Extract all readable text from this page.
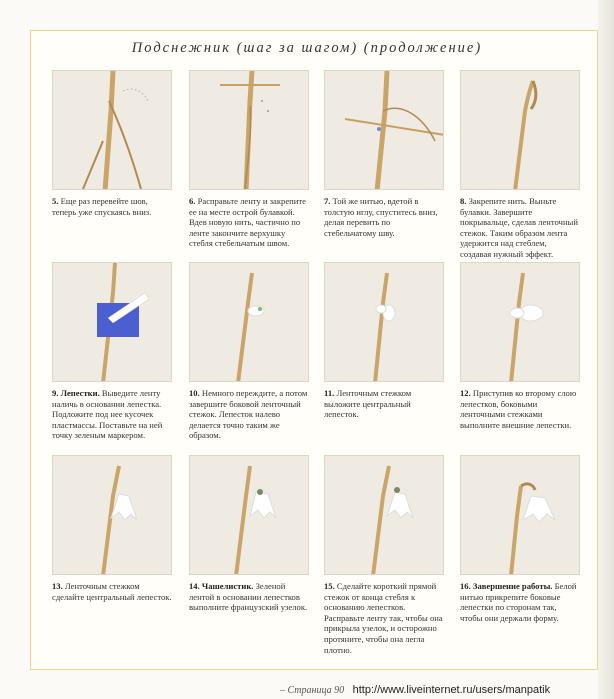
Подснежник (шаг за шагом) (продолжение)
5. Еще раз перевейте шов, теперь уже спускаясь вниз.
6. Расправьте ленту и закрепите ее на месте острой булавкой. Вдев новую нить, частично по ленте закончите верхушку стебля стебельчатым швом.
7. Той же нитью, вдетой в толстую иглу, спуститесь вниз, делая перевить по стебельчатому шву.
8. Закрепите нить. Выньте булавки. Завершите покрывальце, сделав ленточный стежок. Таким образом лента удержится над стеблем, создавая нужный эффект.
9. Лепестки. Выведите ленту наличь в основании лепестка. Подложите под нее кусочек пластмассы. Поставьте на ней точку зеленым маркером.
10. Немного переждите, а потом завершите боковой ленточный стежок. Лепесток налево делается точно таким же образом.
11. Ленточным стежком выложите центральный лепесток.
12. Приступив ко второму слою лепестков, боковыми ленточными стежками выполните внешние лепестки.
13. Ленточным стежком сделайте центральный лепесток.
14. Чашелистик. Зеленой лентой в основании лепестков выполните французский узелок.
15. Сделайте короткий прямой стежок от конца стебля к основанию лепестков. Расправьте ленту так, чтобы она прикрыла узелок, и осторожно протяните, чтобы она легла плотно.
16. Завершение работы. Белой нитью прикрепите боковые лепестки по сторонам так, чтобы они держали форму.
– Страница 90 http://www.liveinternet.ru/users/manpatik
